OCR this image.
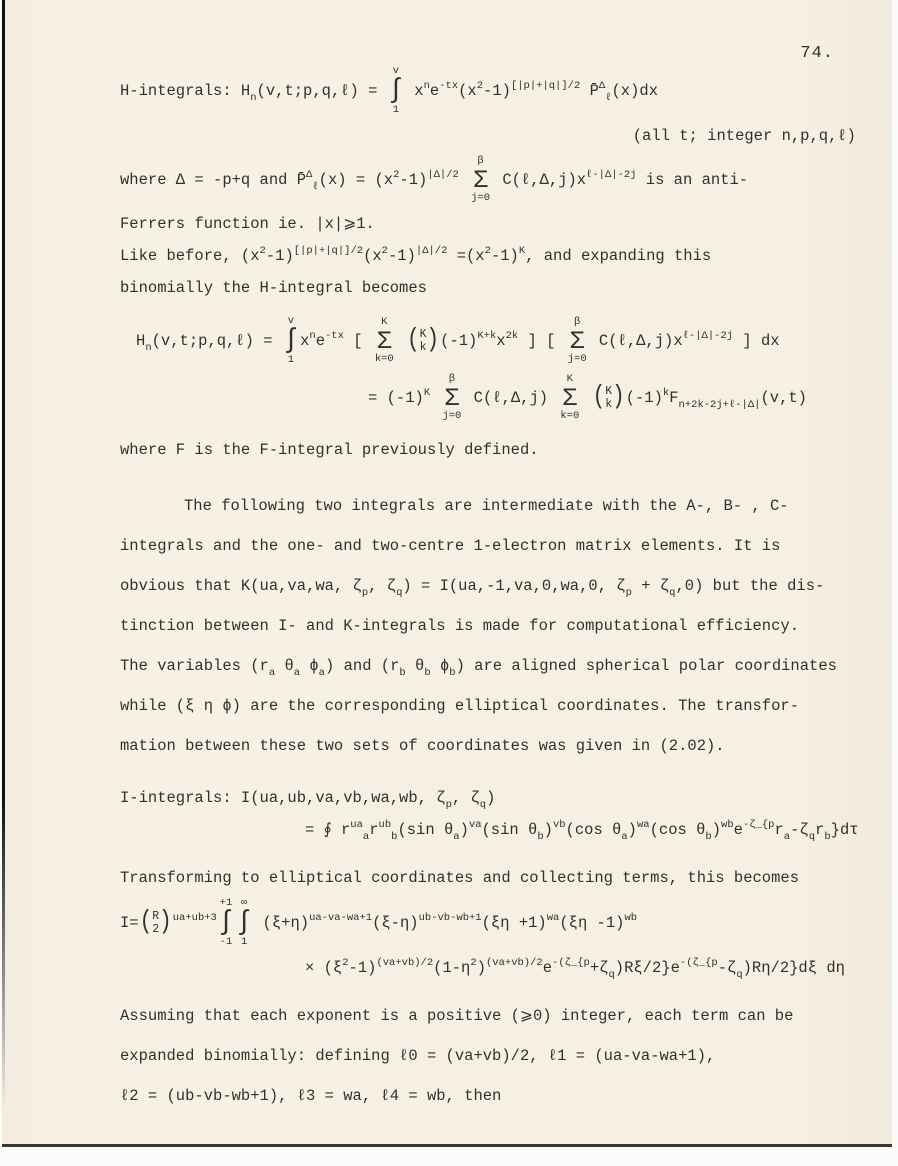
74.
H-integrals: $H_n(v,t;p,q,\ell)$ =
v
∫
1
$x^ne^{-tx}(x^2-1)^{[|p|+|q|]/2}$ P̄$^\Delta_\ell$(x)dx
(all t; integer n,p,q,ℓ)
where Δ = -p+q and P̄$^\Delta_\ell$(x) = $(x^2-1)^{|\Delta|/2}$
β
Σ
j=0
$C(\ell,\Delta,j)x^{\ell-|\Delta|-2j}$ is an anti-
Ferrers function ie. |x|⩾1.
Like before, $(x^2-1)^{[|p|+|q|]/2}(x^2-1)^{|\Delta|/2} =(x^2-1)^K$, and expanding this
binomially the H-integral becomes
$H_n(v,t;p,q,\ell)$ =
v
∫
1
$x^ne^{-tx}$ [
K
Σ
k=0

( K
k ) $(-1)^{K+k}x^{2k}$ ] [
β
Σ
j=0
$C(\ell,\Delta,j)x^{\ell-|\Delta|-2j}$ ] dx
= $(-1)^K$
β
Σ
j=0
C(ℓ,Δ,j)
K
Σ
k=0

( K
k ) $(-1)^kF_{n+2k-2j+\ell-|\Delta|}(v,t)$
where F is the F-integral previously defined.
The following two integrals are intermediate with the A-, B- , C-
integrals and the one- and two-centre 1-electron matrix elements. It is
obvious that K(ua,va,wa, $\zeta_p$, $\zeta_q) = I(ua,-1,va,0,wa,0$, $\zeta_p + \zeta_q,0$) but the dis-
tinction between I- and K-integrals is made for computational efficiency.
The variables ($r_a$ $\theta_a$ $\phi_a$) and ($r_b$ $\theta_b$ $\phi_b$) are aligned spherical polar coordinates
while (ξ η ϕ) are the corresponding elliptical coordinates. The transfor-
mation between these two sets of coordinates was given in (2.02).
I-integrals: I(ua,ub,va,vb,wa,wb, $\zeta_p$, $\zeta_q$)
= ∮ $r^{ua}_ar^{ub}_b(\sin$ $\theta_a)^{va}(\sin$ $\theta_b)^{vb}(\cos$ $\theta_a)^{wa}(\cos$ $\theta_b)^{wb}e^{-\zeta\_\{p}r_a-\zeta_qr_b\}d\tau$
Transforming to elliptical coordinates and collecting terms, this becomes
I= ( R
2 ) $^{ua+ub+3}$
+1
∫
-1
∞
∫
1
$(\xi+\eta)^{ua-va-wa+1}(\xi-\eta)^{ub-vb-wb+1}(\xi\eta +1)^{wa}(\xi\eta$ -1)$^{wb}$
× $(\xi^2-1)^{(va+vb)/2}(1-\eta^2)^{(va+vb)/2}e^{-(\zeta\_\{p}+\zeta_q)R\xi/2\}e^{-(\zeta\_\{p}-\zeta_q)R\eta/2\}d\xi$ dη
Assuming that each exponent is a positive (⩾0) integer, each term can be
expanded binomially: defining ℓ0 = (va+vb)/2, ℓ1 = (ua-va-wa+1),
ℓ2 = (ub-vb-wb+1), ℓ3 = wa, ℓ4 = wb, then
